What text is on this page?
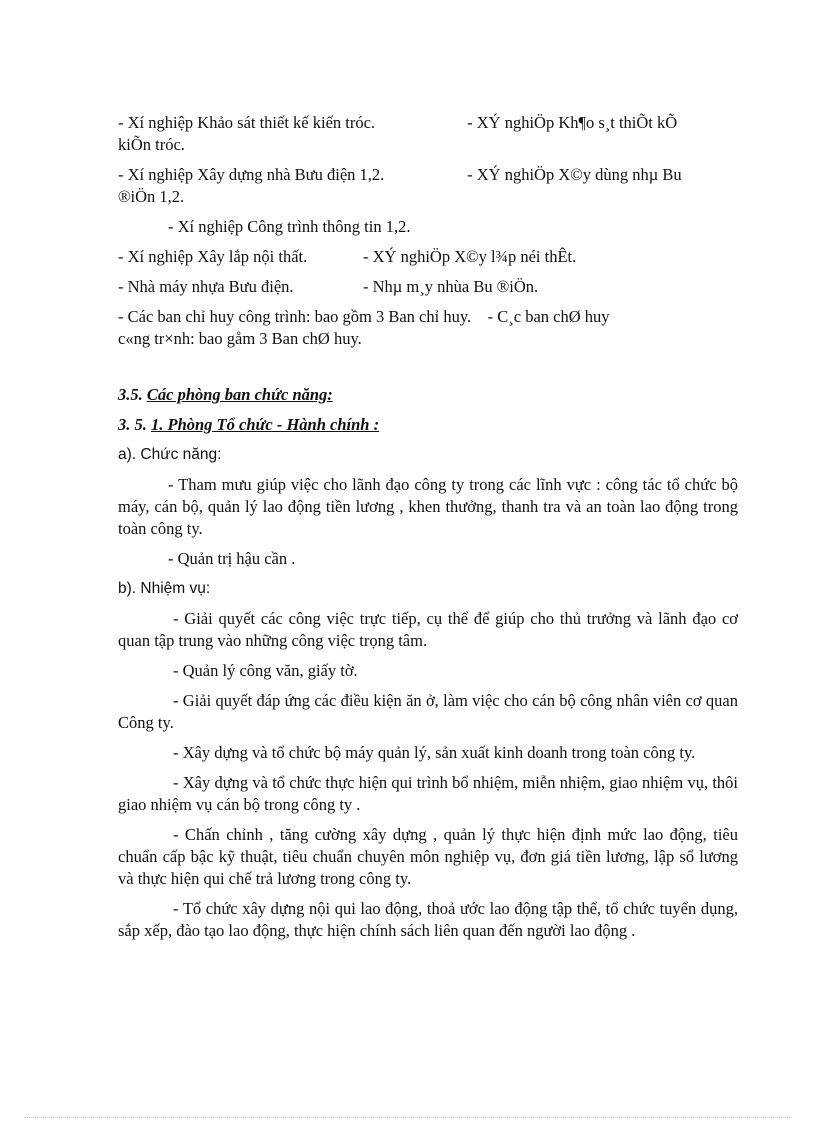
- Xí nghiệp Khảo sát thiết kế kiến tróc.	- XÝ nghiÖp Kh¶o s¸t thiÕt kÕ
kiÕn tróc.

- Xí nghiệp Xây dựng nhà Bưu điện 1,2.	- XÝ nghiÖp X©y dùng nhµ Bu
®iÖn 1,2.

- Xí nghiệp Công trình thông tin 1,2.

- Xí nghiệp Xây lắp nội thất.	- XÝ nghiÖp X©y l¾p néi thÊt.

- Nhà máy nhựa Bưu điện.	- Nhµ m¸y nhùa Bu ®iÖn.

- Các ban chỉ huy công trình: bao gồm 3 Ban chỉ huy.    - C¸c ban chØ huy
c«ng tr×nh: bao gåm 3 Ban chØ huy.

3.5. Các phòng ban chức năng:

3. 5. 1. Phòng Tổ chức - Hành chính :

a). Chức năng:

- Tham mưu giúp việc cho lãnh đạo công ty trong các lĩnh vực : công tác tổ chức bộ máy, cán bộ, quản lý lao động tiền lương , khen thưởng, thanh tra và an toàn lao động trong toàn công ty.

- Quản trị hậu cần .

b). Nhiệm vụ:

- Giải quyết các công việc trực tiếp, cụ thể để giúp cho thủ trưởng và lãnh đạo cơ quan tập trung vào những công việc trọng tâm.

- Quản lý công văn, giấy tờ.

- Giải quyết đáp ứng các điều kiện ăn ở, làm việc cho cán bộ công nhân viên cơ quan Công ty.

- Xây dựng và tổ chức bộ máy quản lý, sản xuất kinh doanh trong toàn công ty.

- Xây dựng và tổ chức thực hiện qui trình bổ nhiệm, miễn nhiệm, giao nhiệm vụ, thôi giao nhiệm vụ cán bộ trong công ty .

- Chấn chỉnh , tăng cường xây dựng , quản lý thực hiện định mức lao động, tiêu chuẩn cấp bậc kỹ thuật, tiêu chuẩn chuyên môn nghiệp vụ, đơn giá tiền lương, lập sổ lương và thực hiện qui chế trả lương trong công ty.

- Tổ chức xây dựng nội qui lao động, thoả ước lao động tập thể, tổ chức tuyển dụng, sắp xếp, đào tạo lao động, thực hiện chính sách liên quan đến người lao động .
